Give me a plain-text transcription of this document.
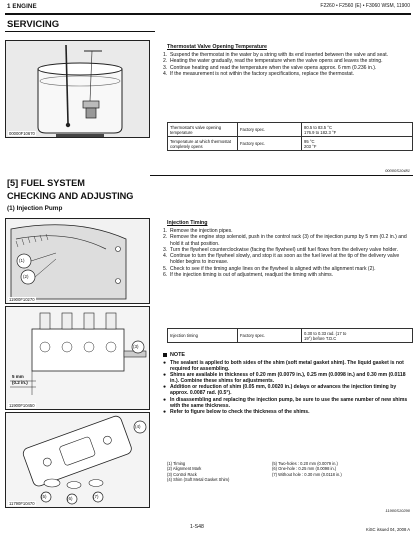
1 ENGINE	F2260 • F2560 (E) • F3060 WSM, 11900
SERVICING
00000F10670
Thermostat Valve Opening Temperature
1. Suspend the thermostat in the water by a string with its end inserted between the valve and seat.
2. Heating the water gradually, read the temperature when the valve opens and leaves the string.
3. Continue heating and read the temperature when the valve opens approx. 6 mm (0.236 in.).
4. If the measurement is not within the factory specifications, replace the thermostat.
Thermostat's valve opening temperature	Factory spec.	80.5 to 83.5 °C
176.9 to 182.3 °F

Temperature at which thermostat completely opens	Factory spec.	95 °C
203 °F
00000S10481
[5] FUEL SYSTEM
CHECKING AND ADJUSTING
(1) Injection Pump
(1)
(2)
11900F10270
(3)
5 mm
(0.2 in.)
11900F10450
(4)
(5)	(6)	(7)
11790F10470
Injection Timing
1. Remove the injection pipes.
2. Remove the engine stop solenoid, push in the control rack (3) of the injection pump by 5 mm (0.2 in.) and hold it at that position.
3. Turn the flywheel counterclockwise (facing the flywheel) until fuel flows from the delivery valve holder.
4. Continue to turn the flywheel slowly, and stop it as soon as the fuel level at the tip of the delivery valve holder begins to increase.
5. Check to see if the timing angle lines on the flywheel is aligned with the alignment mark (2).
6. If the injection timing is out of adjustment, readjust the timing with shims.
Injection timing	Factory spec.	0.30 to 0.33 rad. (17 to
19°) before T.D.C
NOTE
● The sealant is applied to both sides of the shim (soft metal gasket shim). The liquid gasket is not required for assembling.
● Shims are available in thickness of 0.20 mm (0.0079 in.), 0.25 mm (0.0098 in.) and 0.30 mm (0.0118 in.). Combine these shims for adjustments.
● Addition or reduction of shim (0.05 mm, 0.0020 in.) delays or advances the injection timing by approx. 0.0087 rad. (0.5°).
● In disassembling and replacing the injection pump, be sure to use the same number of new shims with the same thickness.
● Refer to figure below to check the thickness of the shims.
(1) Timing
(2) Alignment Mark
(3) Control Rack
(4) Shim (Soft Metal Gasket Shim)
(5) Two-holes : 0.20 mm (0.0079 in.)
(6) One-hole : 0.25 mm (0.0098 in.)
(7) Without hole : 0.30 mm (0.0118 in.)
11900S10290
1-S48	KiSC issued 04, 2008 A
